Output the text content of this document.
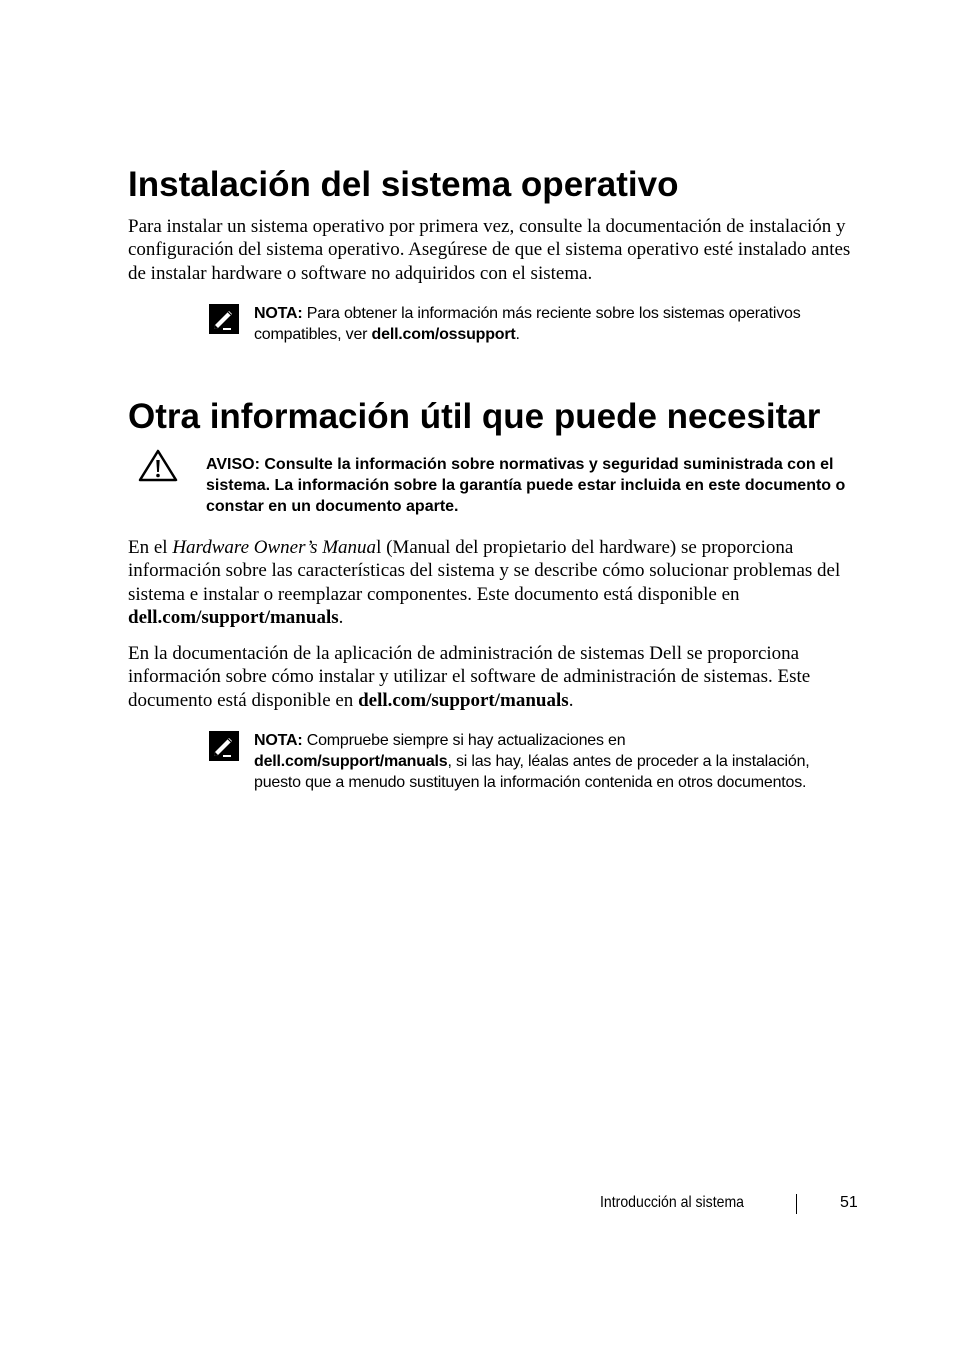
Instalación del sistema operativo

Para instalar un sistema operativo por primera vez, consulte la documentación de instalación y configuración del sistema operativo. Asegúrese de que el sistema operativo esté instalado antes de instalar hardware o software no adquiridos con el sistema.

NOTA: Para obtener la información más reciente sobre los sistemas operativos compatibles, ver dell.com/ossupport.
Otra información útil que puede necesitar
AVISO: Consulte la información sobre normativas y seguridad suministrada con el sistema. La información sobre la garantía puede estar incluida en este documento o constar en un documento aparte.

En el Hardware Owner’s Manual (Manual del propietario del hardware) se proporciona información sobre las características del sistema y se describe cómo solucionar problemas del sistema e instalar o reemplazar componentes. Este documento está disponible en dell.com/support/manuals.

En la documentación de la aplicación de administración de sistemas Dell se proporciona información sobre cómo instalar y utilizar el software de administración de sistemas. Este documento está disponible en dell.com/support/manuals.

NOTA: Compruebe siempre si hay actualizaciones en
dell.com/support/manuals, si las hay, léalas antes de proceder a la instalación, puesto que a menudo sustituyen la información contenida en otros documentos.
Introducción al sistema	51
